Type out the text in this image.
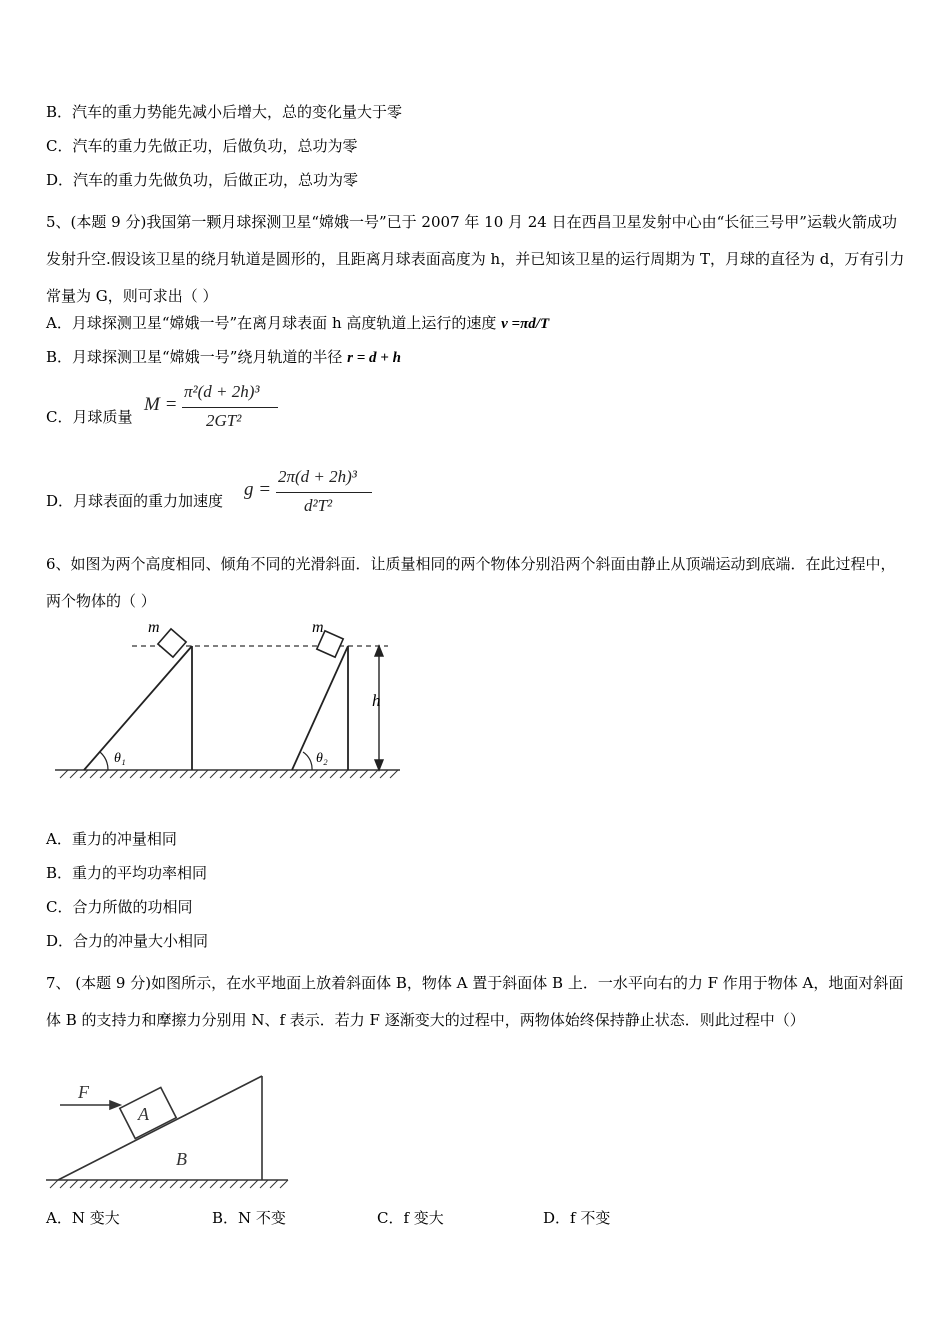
B．汽车的重力势能先减小后增大，总的变化量大于零
C．汽车的重力先做正功，后做负功，总功为零
D．汽车的重力先做负功，后做正功，总功为零
5、(本题 9 分)我国第一颗月球探测卫星“嫦娥一号”已于 2007 年 10 月 24 日在西昌卫星发射中心由“长征三号甲”运载火箭成功发射升空.假设该卫星的绕月轨道是圆形的，且距离月球表面高度为 h，并已知该卫星的运行周期为 T，月球的直径为 d，万有引力常量为 G，则可求出（ ）
A．月球探测卫星“嫦娥一号”在离月球表面 h 高度轨道上运行的速度 v =πd/T
B．月球探测卫星“嫦娥一号”绕月轨道的半径 r = d + h
C．月球质量
M =
π²(d + 2h)³
2GT²
D．月球表面的重力加速度
g =
2π(d + 2h)³
d²T²
6、如图为两个高度相同、倾角不同的光滑斜面．让质量相同的两个物体分别沿两个斜面由静止从顶端运动到底端．在此过程中，两个物体的（ ）
m
θ₁
m
θ₂
h
A．重力的冲量相同
B．重力的平均功率相同
C．合力所做的功相同
D．合力的冲量大小相同
7、 (本题 9 分)如图所示，在水平地面上放着斜面体 B，物体 A 置于斜面体 B 上．一水平向右的力 F 作用于物体 A，地面对斜面体 B 的支持力和摩擦力分别用 N、f 表示．若力 F 逐渐变大的过程中，两物体始终保持静止状态．则此过程中（）
A
B
F
A．N 变大	B．N 不变	C．f 变大	D．f 不变
